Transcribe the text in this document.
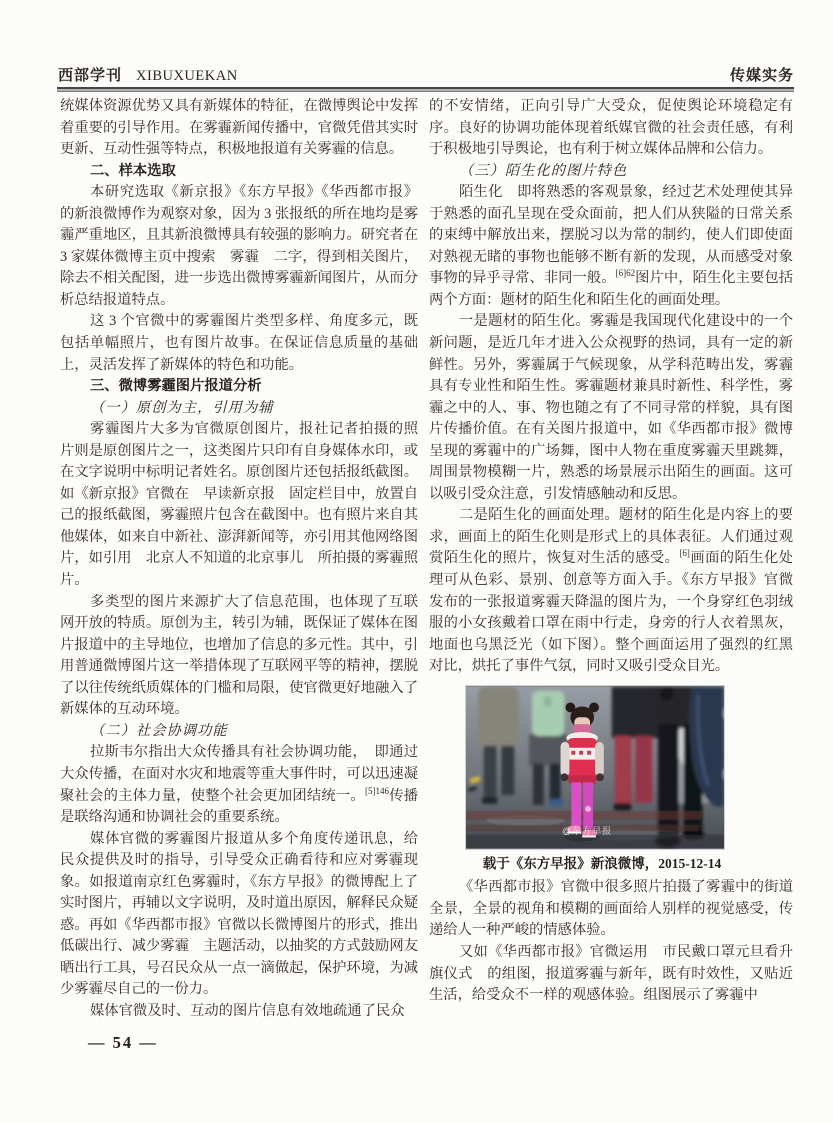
西部学刊 XIBUXUEKAN	传媒实务

统媒体资源优势又具有新媒体的特征，在微博舆论中发挥着重要的引导作用。在雾霾新闻传播中，官微凭借其实时更新、互动性强等特点，积极地报道有关雾霾的信息。

二、样本选取

本研究选取《新京报》《东方早报》《华西都市报》的新浪微博作为观察对象，因为 3 张报纸的所在地均是雾霾严重地区，且其新浪微博具有较强的影响力。研究者在 3 家媒体微博主页中搜索　雾霾　二字，得到相关图片，除去不相关配图，进一步选出微博雾霾新闻图片，从而分析总结报道特点。

这 3 个官微中的雾霾图片类型多样、角度多元，既包括单幅照片，也有图片故事。在保证信息质量的基础上，灵活发挥了新媒体的特色和功能。

三、微博雾霾图片报道分析

（一）原创为主，引用为辅

雾霾图片大多为官微原创图片，报社记者拍摄的照片则是原创图片之一，这类图片只印有自身媒体水印，或在文字说明中标明记者姓名。原创图片还包括报纸截图。如《新京报》官微在　早读新京报　固定栏目中，放置自己的报纸截图，雾霾照片包含在截图中。也有照片来自其他媒体，如来自中新社、澎湃新闻等，亦引用其他网络图片，如引用　北京人不知道的北京事儿　所拍摄的雾霾照片。

多类型的图片来源扩大了信息范围，也体现了互联网开放的特质。原创为主，转引为辅，既保证了媒体在图片报道中的主导地位，也增加了信息的多元性。其中，引用普通微博图片这一举措体现了互联网平等的精神，摆脱了以往传统纸质媒体的门槛和局限，使官微更好地融入了新媒体的互动环境。

（二）社会协调功能

拉斯韦尔指出大众传播具有社会协调功能，　即通过大众传播，在面对水灾和地震等重大事件时，可以迅速凝聚社会的主体力量，使整个社会更加团结统一。$^{[5]146}$传播是联络沟通和协调社会的重要系统。

媒体官微的雾霾图片报道从多个角度传递讯息，给民众提供及时的指导，引导受众正确看待和应对雾霾现象。如报道南京红色雾霾时，《东方早报》的微博配上了实时图片，再辅以文字说明，及时道出原因，解释民众疑惑。再如《华西都市报》官微以长微博图片的形式，推出　低碳出行、减少雾霾　主题活动，以抽奖的方式鼓励网友晒出行工具，号召民众从一点一滴做起，保护环境，为减少雾霾尽自己的一份力。

媒体官微及时、互动的图片信息有效地疏通了民众

的不安情绪，正向引导广大受众，促使舆论环境稳定有序。良好的协调功能体现着纸媒官微的社会责任感，有利于积极地引导舆论，也有利于树立媒体品牌和公信力。

（三）陌生化的图片特色

陌生化　即将熟悉的客观景象，经过艺术处理使其异于熟悉的面孔呈现在受众面前，把人们从狭隘的日常关系的束缚中解放出来，摆脱习以为常的制约，使人们即使面对熟视无睹的事物也能够不断有新的发现，从而感受对象事物的异乎寻常、非同一般。$^{[6]62}$图片中，陌生化主要包括两个方面：题材的陌生化和陌生化的画面处理。

一是题材的陌生化。雾霾是我国现代化建设中的一个新问题，是近几年才进入公众视野的热词，具有一定的新鲜性。另外，雾霾属于气候现象，从学科范畴出发，雾霾具有专业性和陌生性。雾霾题材兼具时新性、科学性，雾霾之中的人、事、物也随之有了不同寻常的样貌，具有图片传播价值。在有关图片报道中，如《华西都市报》微博呈现的雾霾中的广场舞，图中人物在重度雾霾天里跳舞，周围景物模糊一片，熟悉的场景展示出陌生的画面。这可以吸引受众注意，引发情感触动和反思。

二是陌生化的画面处理。题材的陌生化是内容上的要求，画面上的陌生化则是形式上的具体表征。人们通过观赏陌生化的照片，恢复对生活的感受。[6]画面的陌生化处理可从色彩、景别、创意等方面入手。《东方早报》官微发布的一张报道雾霾天降温的图片为，一个身穿红色羽绒服的小女孩戴着口罩在雨中行走，身旁的行人衣着黑灰，地面也乌黑泛光（如下图）。整个画面运用了强烈的红黑对比，烘托了事件气氛，同时又吸引受众目光。

@东方早报

载于《东方早报》新浪微博，2015-12-14

《华西都市报》官微中很多照片拍摄了雾霾中的街道全景，全景的视角和模糊的画面给人别样的视觉感受，传递给人一种严峻的情感体验。

又如《华西都市报》官微运用　市民戴口罩元旦看升旗仪式　的组图，报道雾霾与新年，既有时效性，又贴近生活，给受众不一样的观感体验。组图展示了雾霾中

— 54 —
